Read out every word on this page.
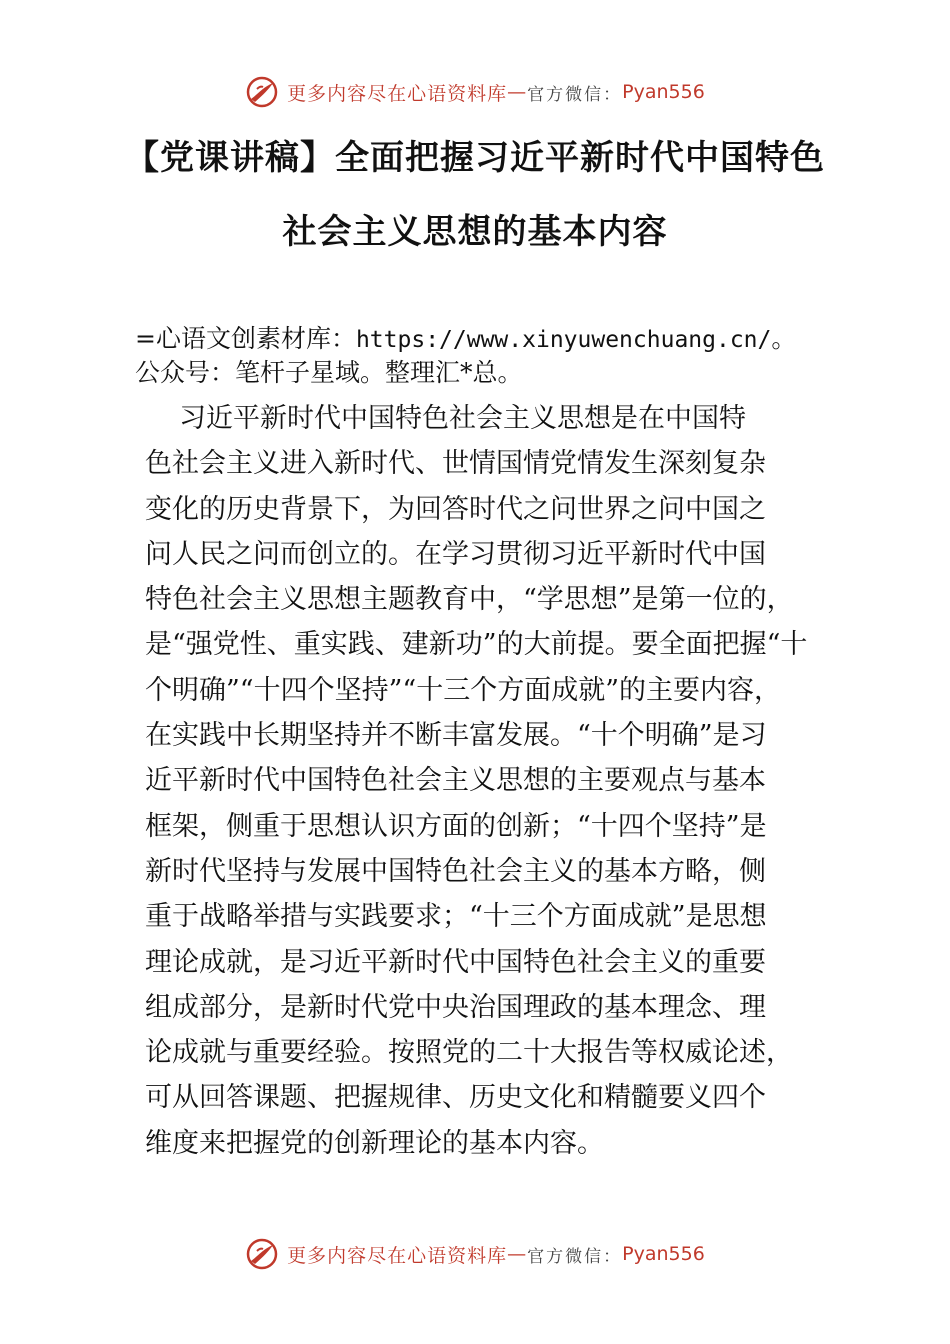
更多内容尽在心语资料库 — 官方微信： Pyan556
【党课讲稿】全面把握习近平新时代中国特色
社会主义思想的基本内容
=心语文创素材库：https://www.xinyuwenchuang.cn/。
公众号：笔杆子星域。整理汇*总。
习近平新时代中国特色社会主义思想是在中国特
色社会主义进入新时代、世情国情党情发生深刻复杂
变化的历史背景下，为回答时代之问世界之问中国之
问人民之问而创立的。在学习贯彻习近平新时代中国
特色社会主义思想主题教育中，“学思想”是第一位的，
是“强党性、重实践、建新功”的大前提。要全面把握“十
个明确”“十四个坚持”“十三个方面成就”的主要内容，
在实践中长期坚持并不断丰富发展。“十个明确”是习
近平新时代中国特色社会主义思想的主要观点与基本
框架，侧重于思想认识方面的创新；“十四个坚持”是
新时代坚持与发展中国特色社会主义的基本方略，侧
重于战略举措与实践要求；“十三个方面成就”是思想
理论成就，是习近平新时代中国特色社会主义的重要
组成部分，是新时代党中央治国理政的基本理念、理
论成就与重要经验。按照党的二十大报告等权威论述，
可从回答课题、把握规律、历史文化和精髓要义四个
维度来把握党的创新理论的基本内容。
更多内容尽在心语资料库 — 官方微信： Pyan556
